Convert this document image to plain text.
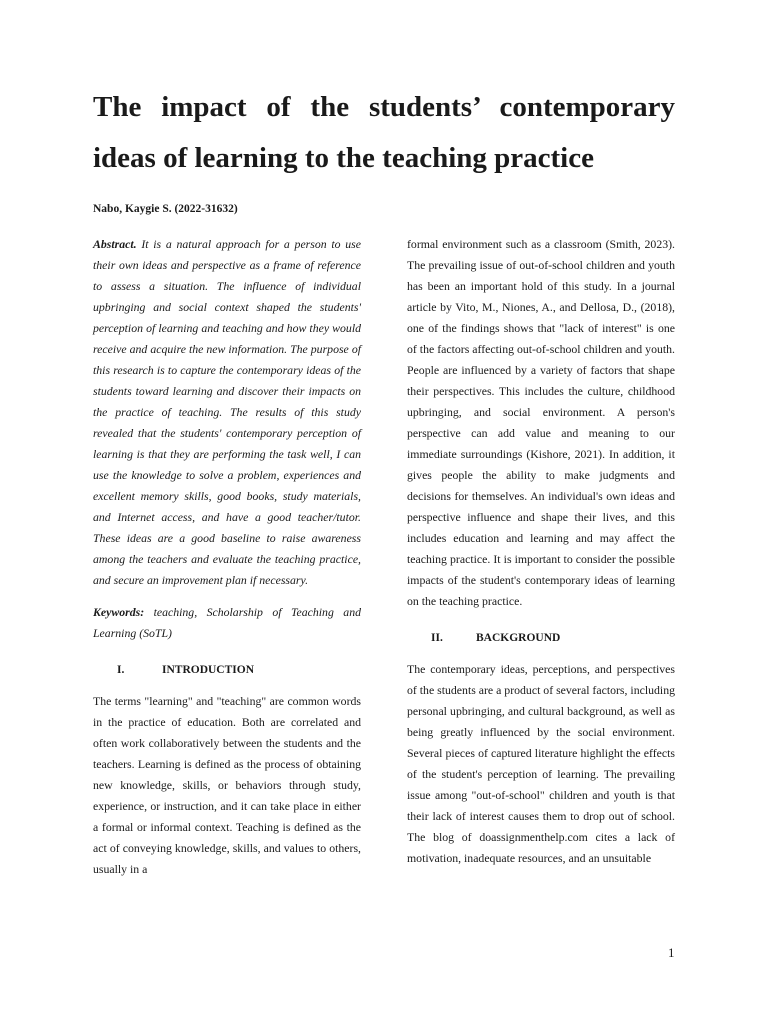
The impact of the students’ contemporary ideas of learning to the teaching practice
Nabo, Kaygie S. (2022-31632)

Abstract. It is a natural approach for a person to use their own ideas and perspective as a frame of reference to assess a situation. The influence of individual upbringing and social context shaped the students' perception of learning and teaching and how they would receive and acquire the new information. The purpose of this research is to capture the contemporary ideas of the students toward learning and discover their impacts on the practice of teaching. The results of this study revealed that the students' contemporary perception of learning is that they are performing the task well, I can use the knowledge to solve a problem, experiences and excellent memory skills, good books, study materials, and Internet access, and have a good teacher/tutor. These ideas are a good baseline to raise awareness among the teachers and evaluate the teaching practice, and secure an improvement plan if necessary.

Keywords: teaching, Scholarship of Teaching and Learning (SoTL)

I.	INTRODUCTION

The terms "learning" and "teaching" are common words in the practice of education. Both are correlated and often work collaboratively between the students and the teachers. Learning is defined as the process of obtaining new knowledge, skills, or behaviors through study, experience, or instruction, and it can take place in either a formal or informal context. Teaching is defined as the act of conveying knowledge, skills, and values to others, usually in a

formal environment such as a classroom (Smith, 2023). The prevailing issue of out-of-school children and youth has been an important hold of this study. In a journal article by Vito, M., Niones, A., and Dellosa, D., (2018), one of the findings shows that "lack of interest" is one of the factors affecting out-of-school children and youth. People are influenced by a variety of factors that shape their perspectives. This includes the culture, childhood upbringing, and social environment. A person's perspective can add value and meaning to our immediate surroundings (Kishore, 2021). In addition, it gives people the ability to make judgments and decisions for themselves. An individual's own ideas and perspective influence and shape their lives, and this includes education and learning and may affect the teaching practice. It is important to consider the possible impacts of the student's contemporary ideas of learning on the teaching practice.

II.	BACKGROUND

The contemporary ideas, perceptions, and perspectives of the students are a product of several factors, including personal upbringing, and cultural background, as well as being greatly influenced by the social environment. Several pieces of captured literature highlight the effects of the student's perception of learning. The prevailing issue among "out-of-school" children and youth is that their lack of interest causes them to drop out of school. The blog of doassignmenthelp.com cites a lack of motivation, inadequate resources, and an unsuitable

1
